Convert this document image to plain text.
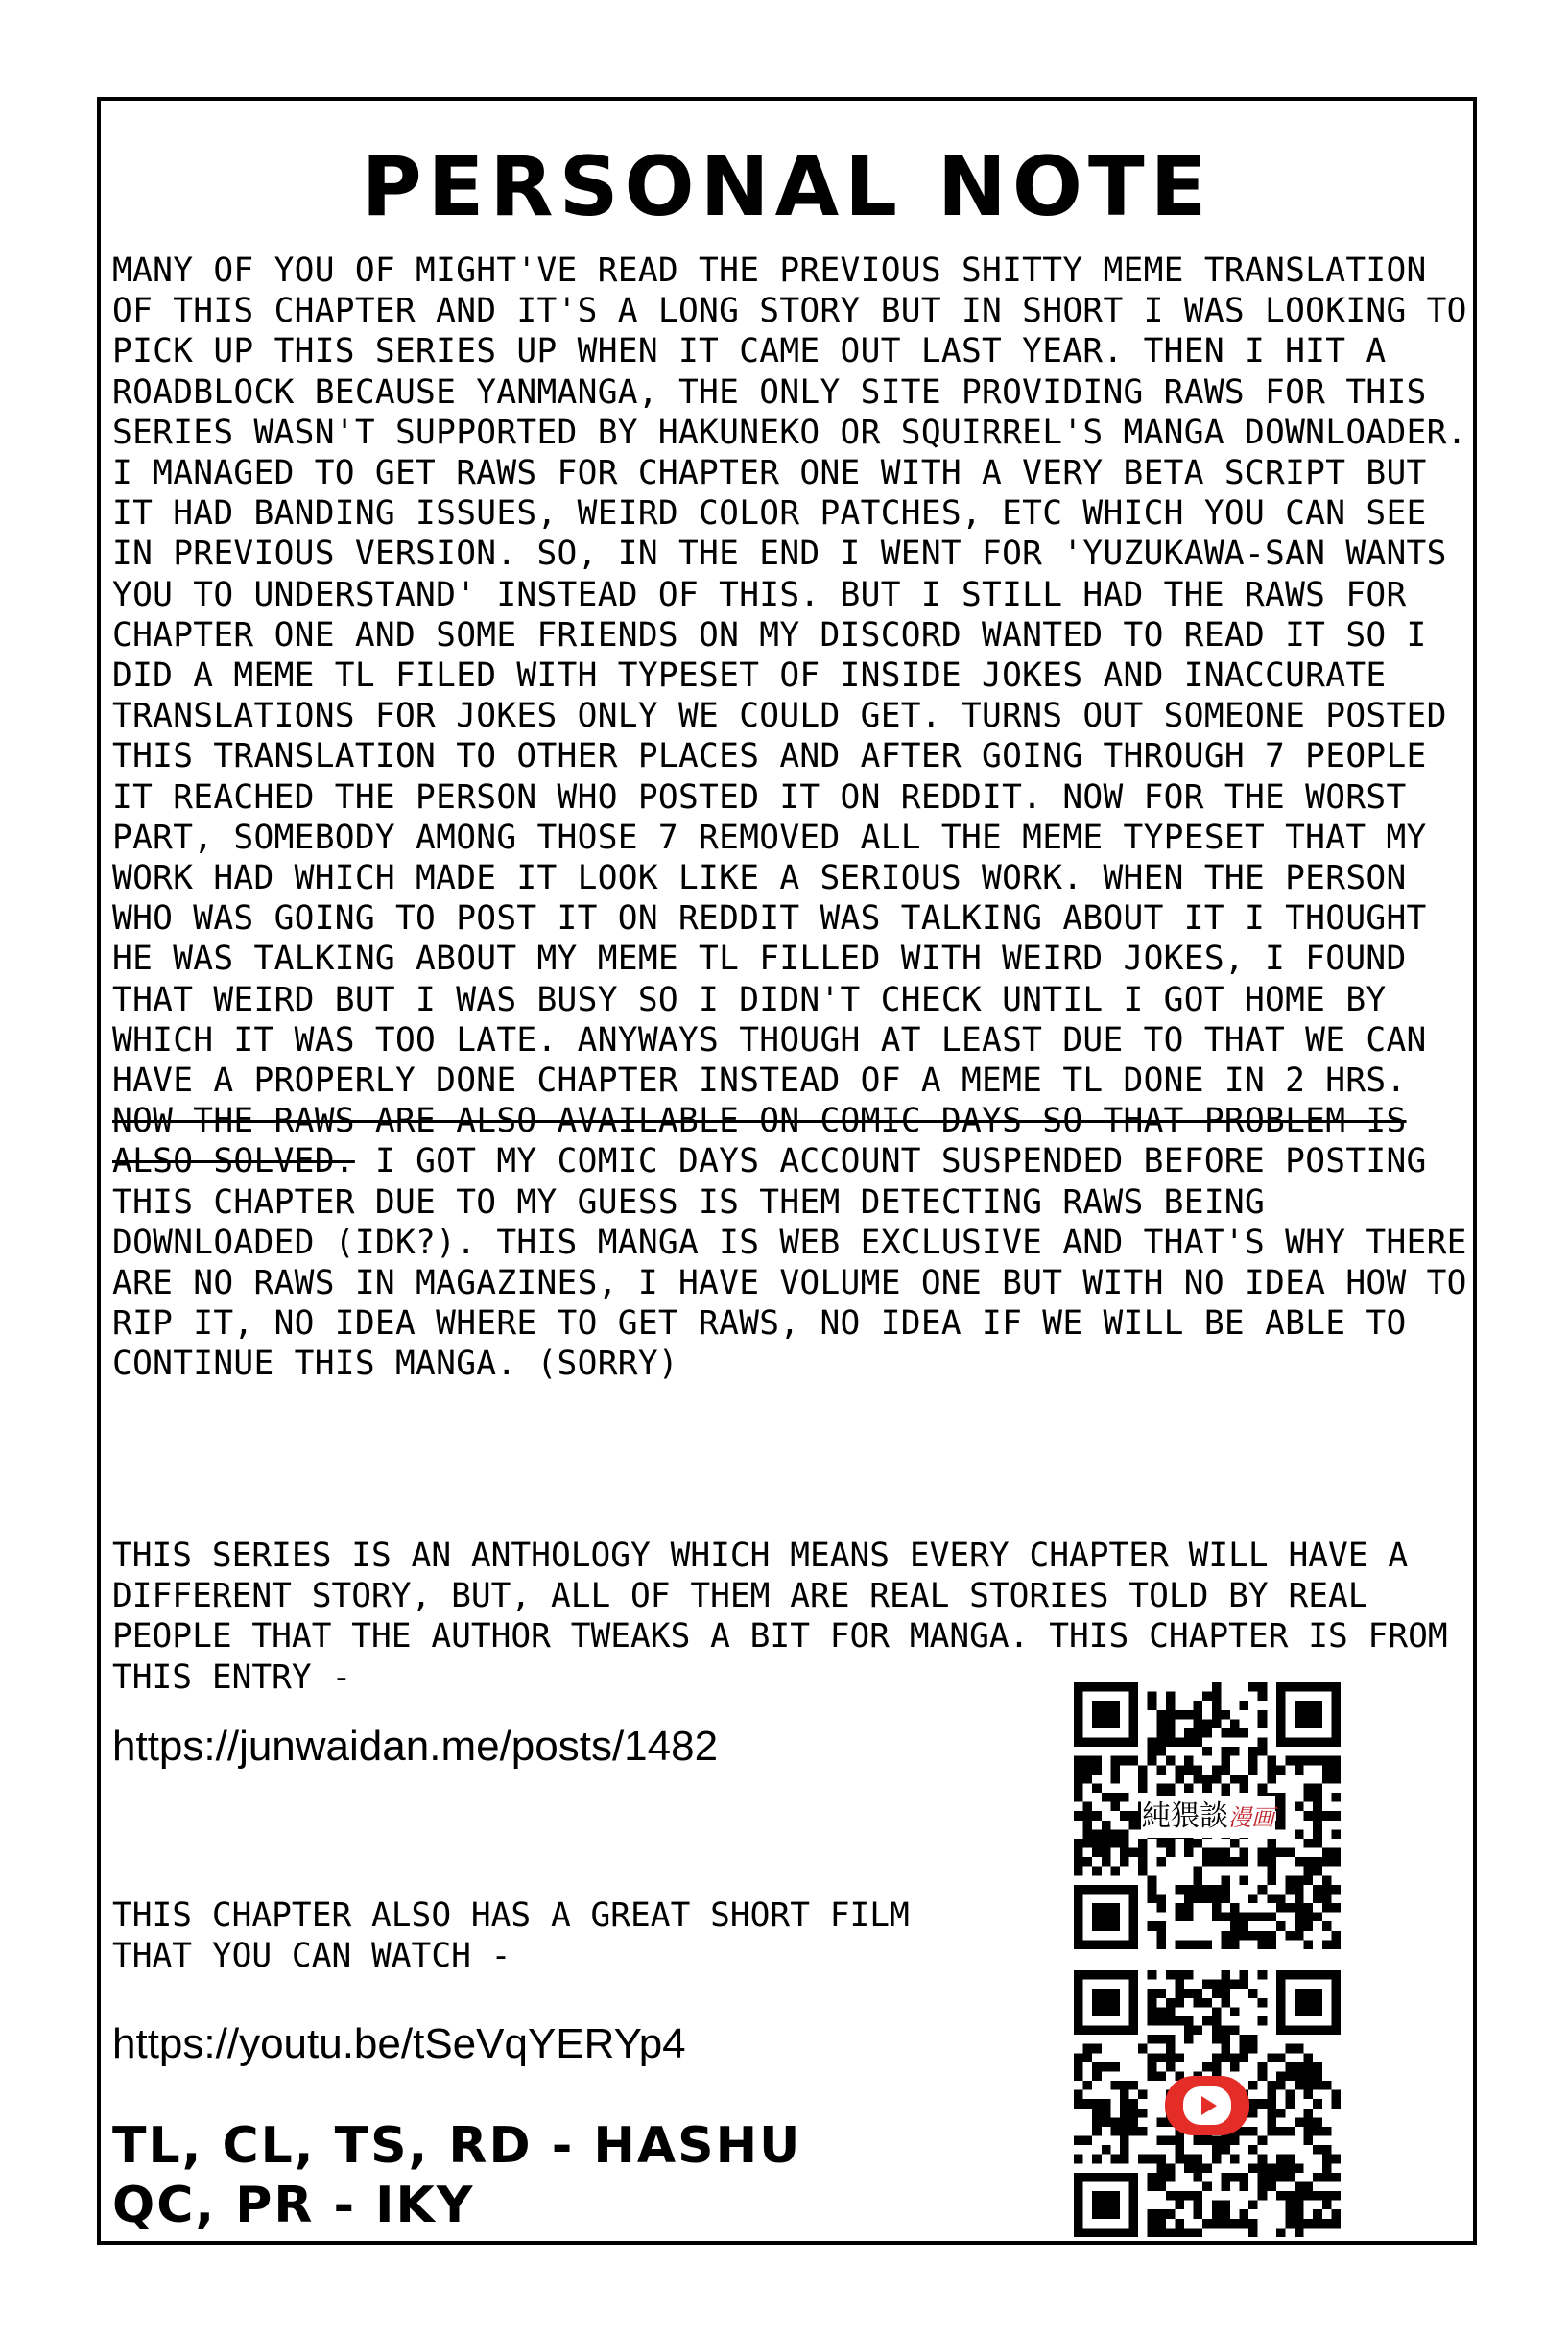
PERSONAL NOTE
MANY OF YOU OF MIGHT'VE READ THE PREVIOUS SHITTY MEME TRANSLATION OF THIS CHAPTER AND IT'S A LONG STORY BUT IN SHORT I WAS LOOKING TO PICK UP THIS SERIES UP WHEN IT CAME OUT LAST YEAR. THEN I HIT A ROADBLOCK BECAUSE YANMANGA, THE ONLY SITE PROVIDING RAWS FOR THIS SERIES WASN'T SUPPORTED BY HAKUNEKO OR SQUIRREL'S MANGA DOWNLOADER. I MANAGED TO GET RAWS FOR CHAPTER ONE WITH A VERY BETA SCRIPT BUT IT HAD BANDING ISSUES, WEIRD COLOR PATCHES, ETC WHICH YOU CAN SEE IN PREVIOUS VERSION. SO, IN THE END I WENT FOR 'YUZUKAWA-SAN WANTS YOU TO UNDERSTAND' INSTEAD OF THIS. BUT I STILL HAD THE RAWS FOR CHAPTER ONE AND SOME FRIENDS ON MY DISCORD WANTED TO READ IT SO I DID A MEME TL FILED WITH TYPESET OF INSIDE JOKES AND INACCURATE TRANSLATIONS FOR JOKES ONLY WE COULD GET. TURNS OUT SOMEONE POSTED THIS TRANSLATION TO OTHER PLACES AND AFTER GOING THROUGH 7 PEOPLE IT REACHED THE PERSON WHO POSTED IT ON REDDIT. NOW FOR THE WORST PART, SOMEBODY AMONG THOSE 7 REMOVED ALL THE MEME TYPESET THAT MY WORK HAD WHICH MADE IT LOOK LIKE A SERIOUS WORK. WHEN THE PERSON WHO WAS GOING TO POST IT ON REDDIT WAS TALKING ABOUT IT I THOUGHT HE WAS TALKING ABOUT MY MEME TL FILLED WITH WEIRD JOKES, I FOUND THAT WEIRD BUT I WAS BUSY SO I DIDN'T CHECK UNTIL I GOT HOME BY WHICH IT WAS TOO LATE. ANYWAYS THOUGH AT LEAST DUE TO THAT WE CAN HAVE A PROPERLY DONE CHAPTER INSTEAD OF A MEME TL DONE IN 2 HRS. NOW THE RAWS ARE ALSO AVAILABLE ON COMIC DAYS SO THAT PROBLEM IS ALSO SOLVED. I GOT MY COMIC DAYS ACCOUNT SUSPENDED BEFORE POSTING THIS CHAPTER DUE TO MY GUESS IS THEM DETECTING RAWS BEING DOWNLOADED (IDK?). THIS MANGA IS WEB EXCLUSIVE AND THAT'S WHY THERE ARE NO RAWS IN MAGAZINES, I HAVE VOLUME ONE BUT WITH NO IDEA HOW TO RIP IT, NO IDEA WHERE TO GET RAWS, NO IDEA IF WE WILL BE ABLE TO CONTINUE THIS MANGA. (SORRY)
THIS SERIES IS AN ANTHOLOGY WHICH MEANS EVERY CHAPTER WILL HAVE A DIFFERENT STORY, BUT, ALL OF THEM ARE REAL STORIES TOLD BY REAL PEOPLE THAT THE AUTHOR TWEAKS A BIT FOR MANGA. THIS CHAPTER IS FROM THIS ENTRY -
https://junwaidan.me/posts/1482
THIS CHAPTER ALSO HAS A GREAT SHORT FILM THAT YOU CAN WATCH -
https://youtu.be/tSeVqYERYp4
TL, CL, TS, RD - HASHU
QC, PR - IKY
純猥談漫画
